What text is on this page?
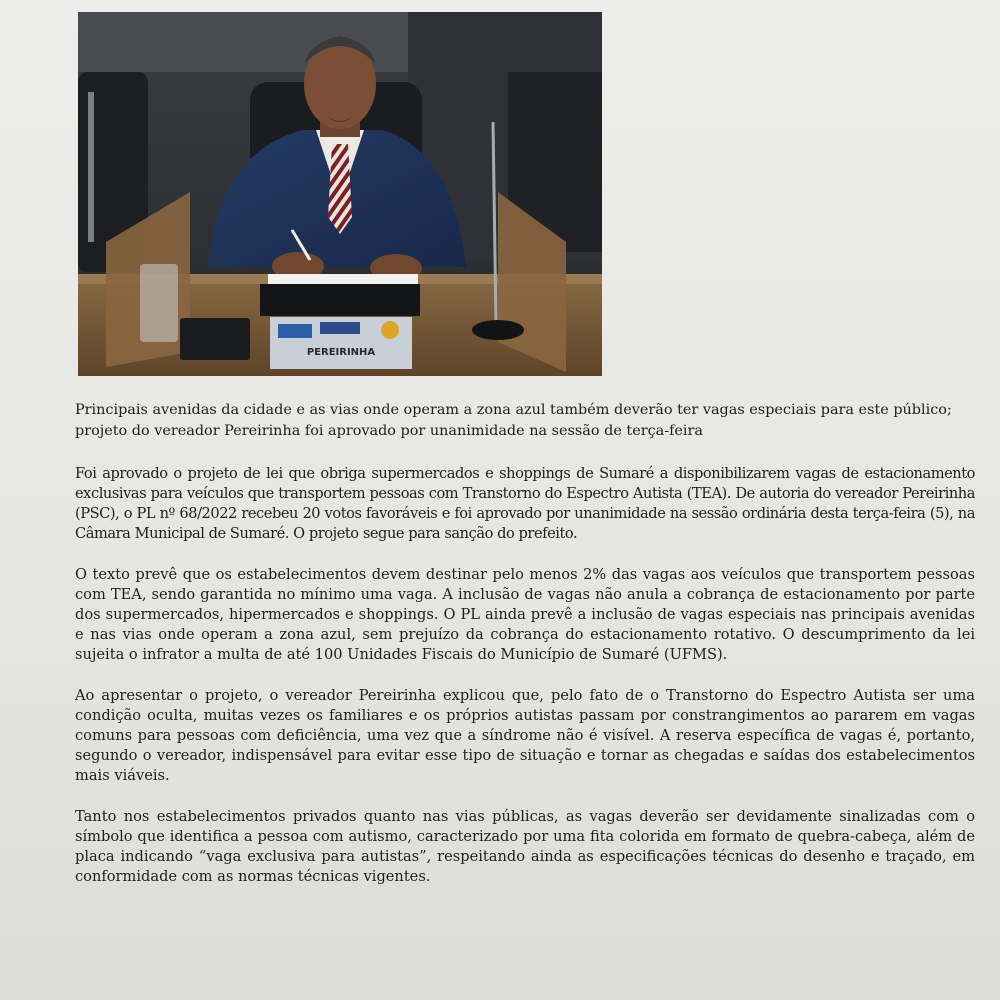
PEREIRINHA

Principais avenidas da cidade e as vias onde operam a zona azul também deverão ter vagas especiais para este público; projeto do vereador Pereirinha foi aprovado por unanimidade na sessão de terça-feira

Foi aprovado o projeto de lei que obriga supermercados e shoppings de Sumaré a disponibilizarem vagas de estacionamento exclusivas para veículos que transportem pessoas com Transtorno do Espectro Autista (TEA). De autoria do vereador Pereirinha (PSC), o PL nº 68/2022 recebeu 20 votos favoráveis e foi aprovado por unanimidade na sessão ordinária desta terça-feira (5), na Câmara Municipal de Sumaré. O projeto segue para sanção do prefeito.

O texto prevê que os estabelecimentos devem destinar pelo menos 2% das vagas aos veículos que transportem pessoas com TEA, sendo garantida no mínimo uma vaga. A inclusão de vagas não anula a cobrança de estacionamento por parte dos supermercados, hipermercados e shoppings. O PL ainda prevê a inclusão de vagas especiais nas principais avenidas e nas vias onde operam a zona azul, sem prejuízo da cobrança do estacionamento rotativo. O descumprimento da lei sujeita o infrator a multa de até 100 Unidades Fiscais do Município de Sumaré (UFMS).

Ao apresentar o projeto, o vereador Pereirinha explicou que, pelo fato de o Transtorno do Espectro Autista ser uma condição oculta, muitas vezes os familiares e os próprios autistas passam por constrangimentos ao pararem em vagas comuns para pessoas com deficiência, uma vez que a síndrome não é visível. A reserva específica de vagas é, portanto, segundo o vereador, indispensável para evitar esse tipo de situação e tornar as chegadas e saídas dos estabelecimentos mais viáveis.

Tanto nos estabelecimentos privados quanto nas vias públicas, as vagas deverão ser devidamente sinalizadas com o símbolo que identifica a pessoa com autismo, caracterizado por uma fita colorida em formato de quebra-cabeça, além de placa indicando “vaga exclusiva para autistas”, respeitando ainda as especificações técnicas do desenho e traçado, em conformidade com as normas técnicas vigentes.
